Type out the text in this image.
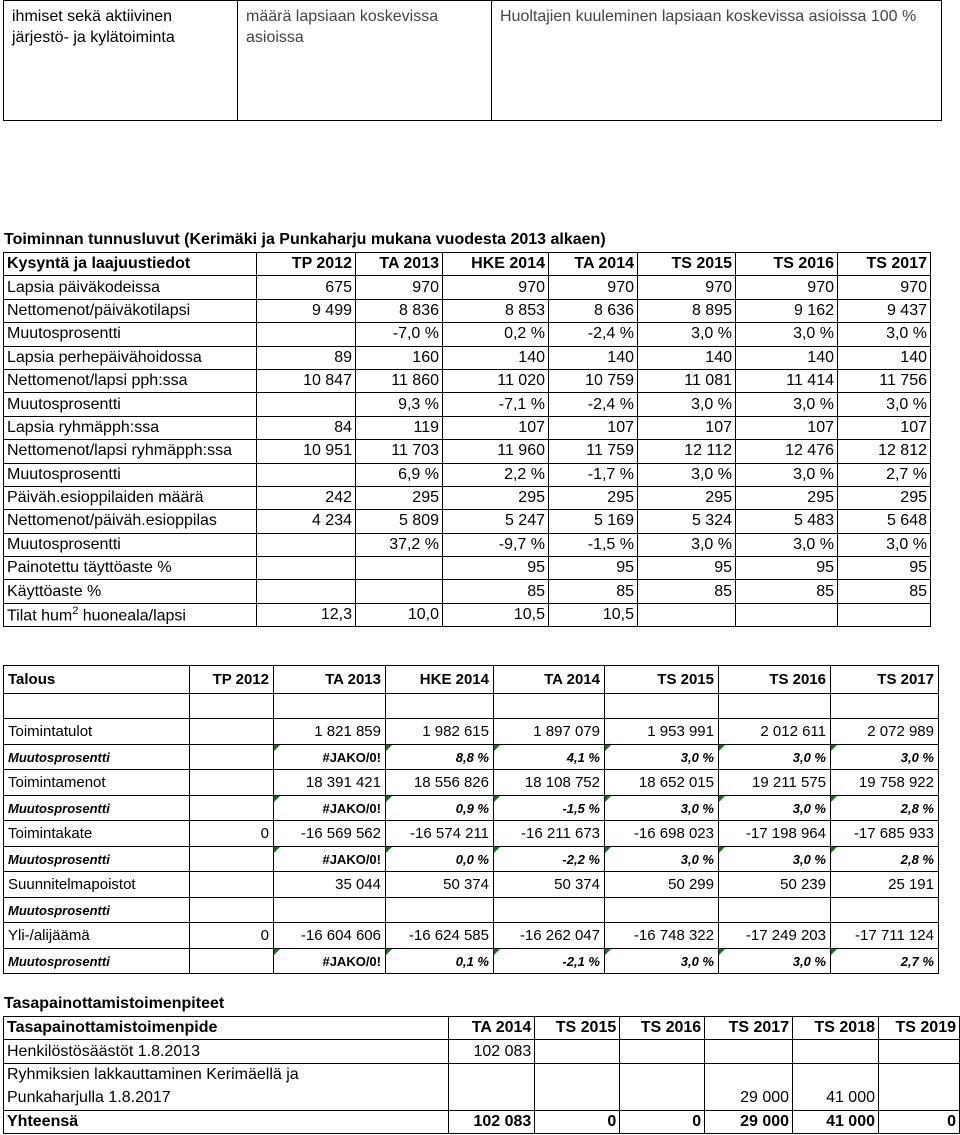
ihmiset sekä aktiivinen järjestö- ja kylätoiminta	määrä lapsiaan koskevissa asioissa	Huoltajien kuuleminen lapsiaan koskevissa asioissa 100 %
Toiminnan tunnusluvut (Kerimäki ja Punkaharju mukana vuodesta 2013 alkaen)
Kysyntä ja laajuustiedot	TP 2012	TA 2013	HKE 2014	TA 2014	TS 2015	TS 2016	TS 2017
Lapsia päiväkodeissa	675	970	970	970	970	970	970
Nettomenot/päiväkotilapsi	9 499	8 836	8 853	8 636	8 895	9 162	9 437
Muutosprosentti		-7,0 %	0,2 %	-2,4 %	3,0 %	3,0 %	3,0 %
Lapsia perhepäivähoidossa	89	160	140	140	140	140	140
Nettomenot/lapsi pph:ssa	10 847	11 860	11 020	10 759	11 081	11 414	11 756
Muutosprosentti		9,3 %	-7,1 %	-2,4 %	3,0 %	3,0 %	3,0 %
Lapsia ryhmäpph:ssa	84	119	107	107	107	107	107
Nettomenot/lapsi ryhmäpph:ssa	10 951	11 703	11 960	11 759	12 112	12 476	12 812
Muutosprosentti		6,9 %	2,2 %	-1,7 %	3,0 %	3,0 %	2,7 %
Päiväh.esioppilaiden määrä	242	295	295	295	295	295	295
Nettomenot/päiväh.esioppilas	4 234	5 809	5 247	5 169	5 324	5 483	5 648
Muutosprosentti		37,2 %	-9,7 %	-1,5 %	3,0 %	3,0 %	3,0 %
Painotettu täyttöaste %			95	95	95	95	95
Käyttöaste %			85	85	85	85	85
Tilat hum$^2$ huoneala/lapsi	12,3	10,0	10,5	10,5			
Talous	TP 2012	TA 2013	HKE 2014	TA 2014	TS 2015	TS 2016	TS 2017

Toimintatulot		1 821 859	1 982 615	1 897 079	1 953 991	2 012 611	2 072 989
Muutosprosentti		#JAKO/0!	8,8 %	4,1 %	3,0 %	3,0 %	3,0 %

Toimintamenot		18 391 421	18 556 826	18 108 752	18 652 015	19 211 575	19 758 922
Muutosprosentti		#JAKO/0!	0,9 %	-1,5 %	3,0 %	3,0 %	2,8 %

Toimintakate	0	-16 569 562	-16 574 211	-16 211 673	-16 698 023	-17 198 964	-17 685 933
Muutosprosentti		#JAKO/0!	0,0 %	-2,2 %	3,0 %	3,0 %	2,8 %

Suunnitelmapoistot		35 044	50 374	50 374	50 299	50 239	25 191
Muutosprosentti							
Yli-/alijäämä	0	-16 604 606	-16 624 585	-16 262 047	-16 748 322	-17 249 203	-17 711 124
Muutosprosentti		#JAKO/0!	0,1 %	-2,1 %	3,0 %	3,0 %	2,7 %
Tasapainottamistoimenpiteet
Tasapainottamistoimenpide	TA 2014	TS 2015	TS 2016	TS 2017	TS 2018	TS 2019
Henkilöstösäästöt 1.8.2013	102 083					
Ryhmiksien lakkauttaminen Kerimäellä ja						
Punkaharjulla 1.8.2017				29 000	41 000	
Yhteensä	102 083	0	0	29 000	41 000	0
